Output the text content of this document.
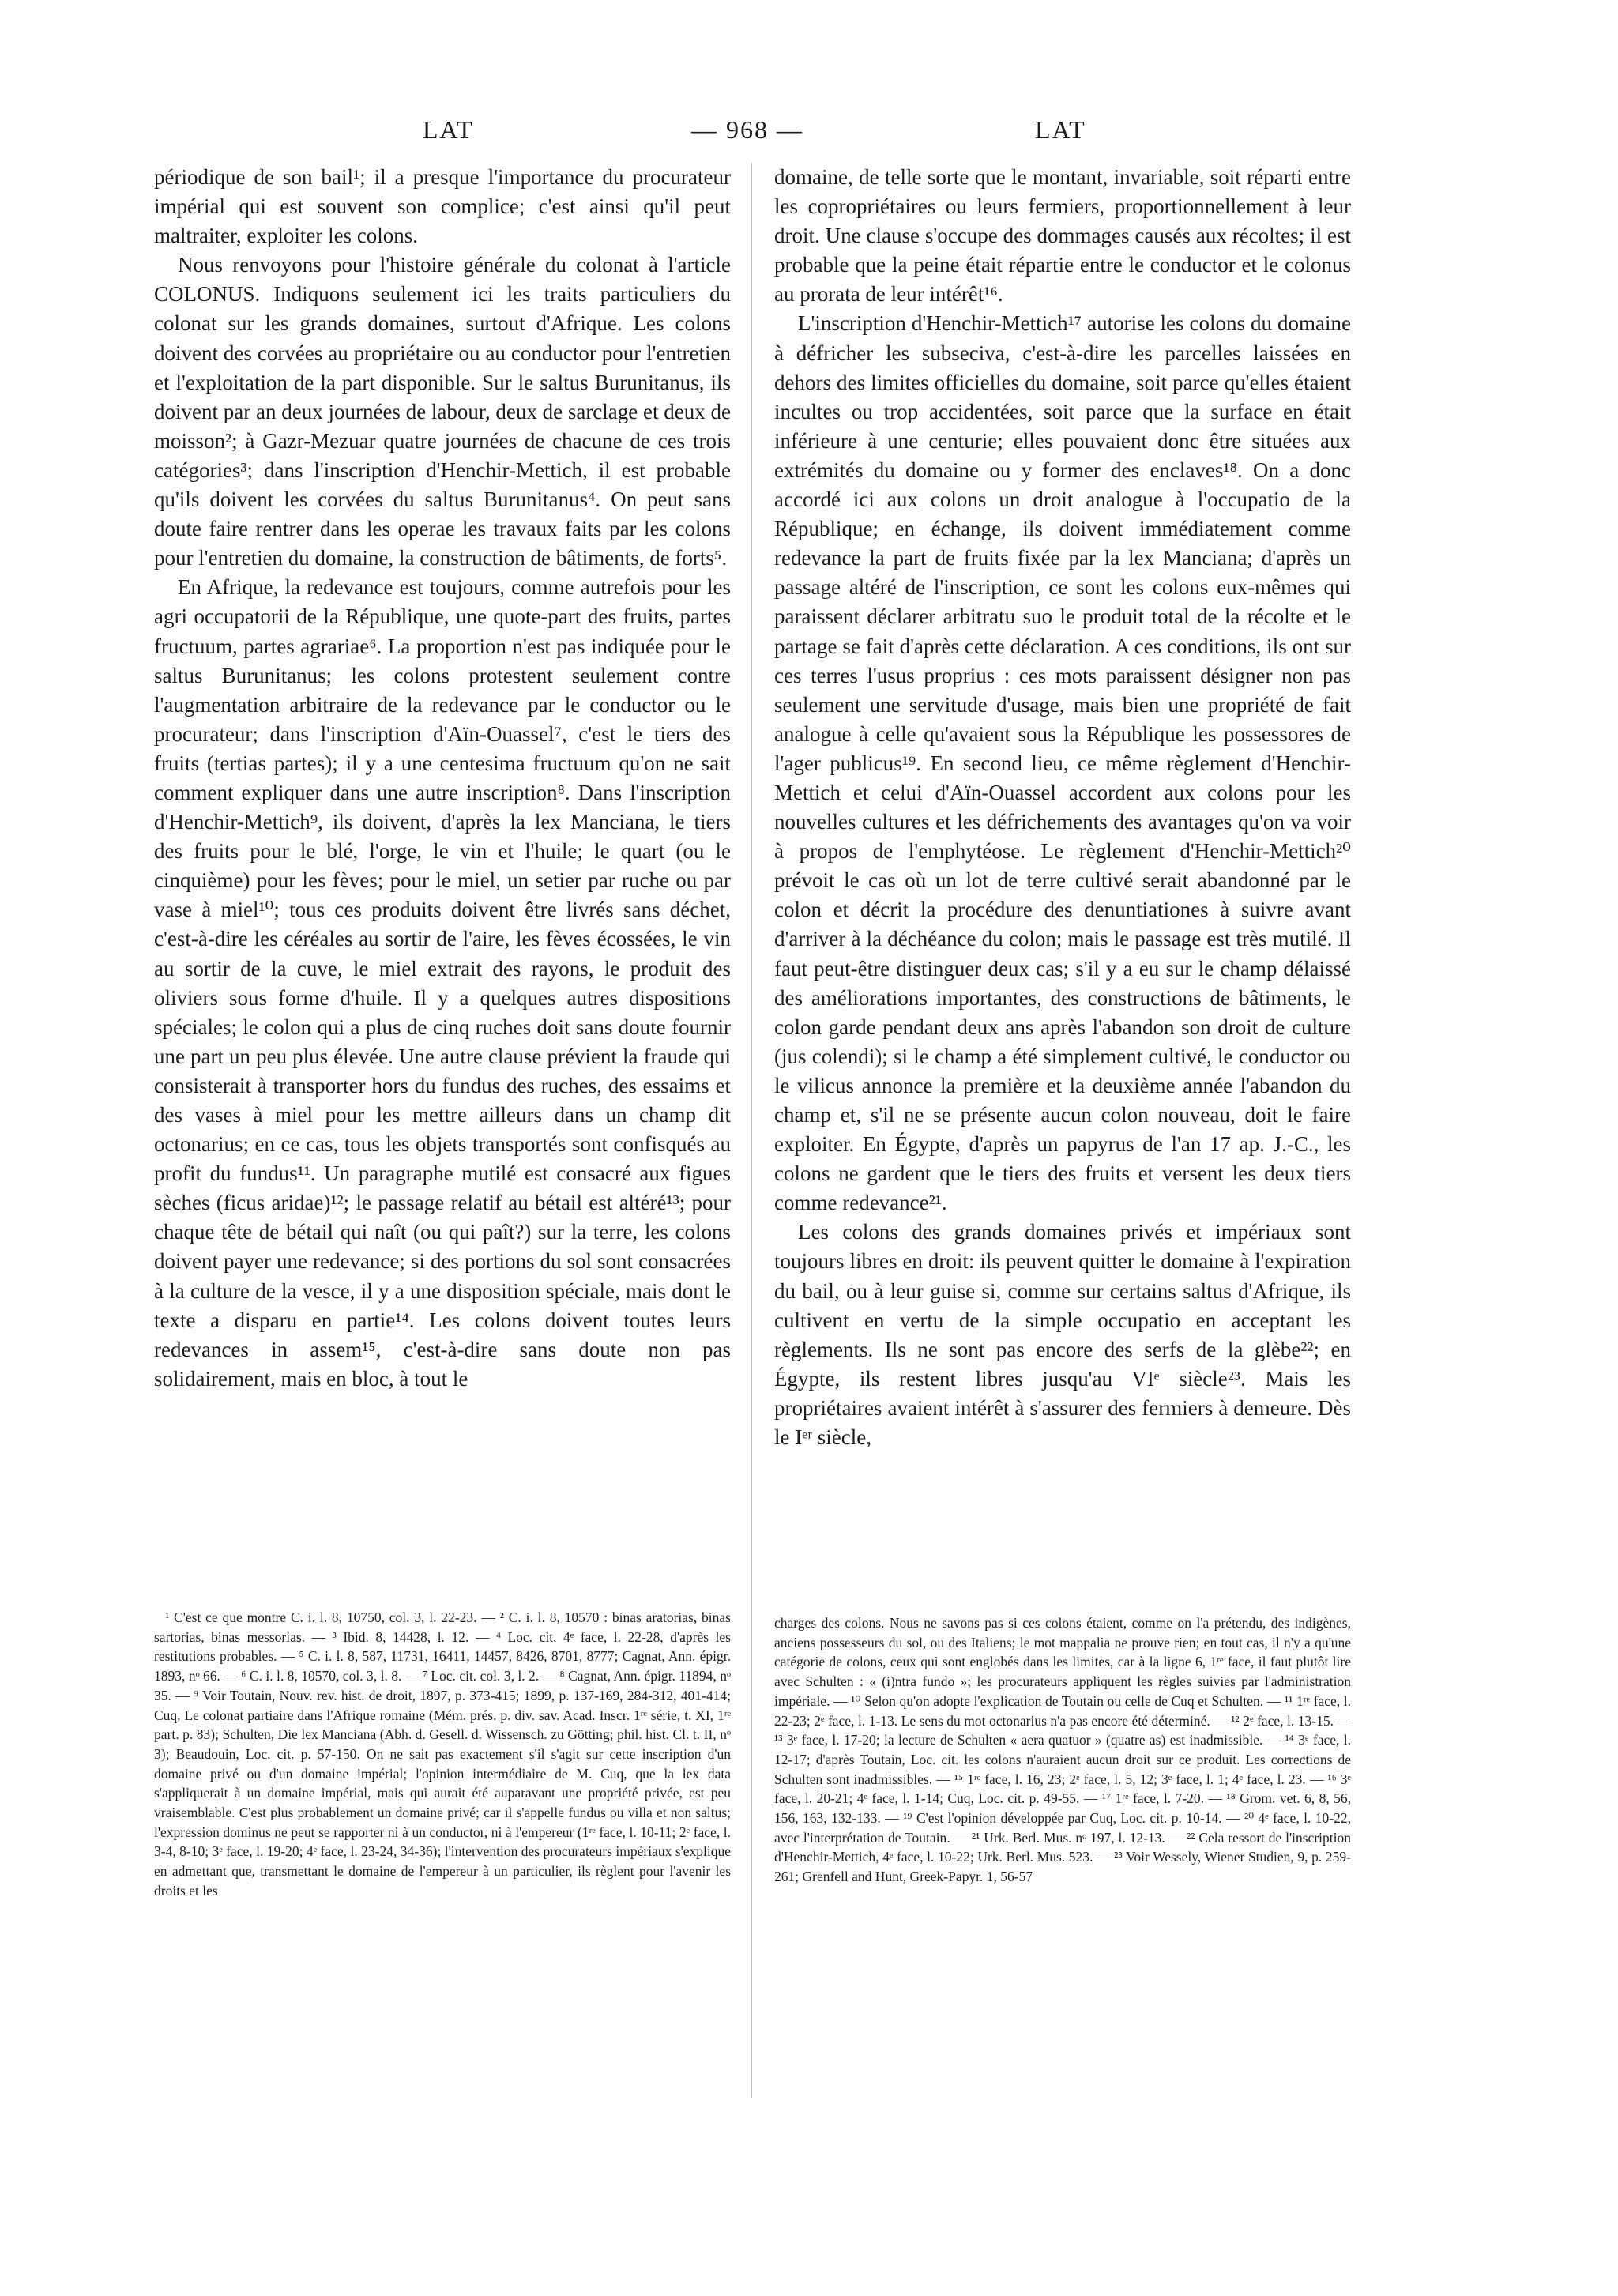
LAT	— 968 —	LAT

périodique de son bail¹; il a presque l'importance du procurateur impérial qui est souvent son complice; c'est ainsi qu'il peut maltraiter, exploiter les colons.

Nous renvoyons pour l'histoire générale du colonat à l'article COLONUS. Indiquons seulement ici les traits particuliers du colonat sur les grands domaines, surtout d'Afrique. Les colons doivent des corvées au propriétaire ou au conductor pour l'entretien et l'exploitation de la part disponible. Sur le saltus Burunitanus, ils doivent par an deux journées de labour, deux de sarclage et deux de moisson²; à Gazr-Mezuar quatre journées de chacune de ces trois catégories³; dans l'inscription d'Henchir-Mettich, il est probable qu'ils doivent les corvées du saltus Burunitanus⁴. On peut sans doute faire rentrer dans les operae les travaux faits par les colons pour l'entretien du domaine, la construction de bâtiments, de forts⁵.

En Afrique, la redevance est toujours, comme autrefois pour les agri occupatorii de la République, une quote-part des fruits, partes fructuum, partes agrariae⁶. La proportion n'est pas indiquée pour le saltus Burunitanus; les colons protestent seulement contre l'augmentation arbitraire de la redevance par le conductor ou le procurateur; dans l'inscription d'Aïn-Ouassel⁷, c'est le tiers des fruits (tertias partes); il y a une centesima fructuum qu'on ne sait comment expliquer dans une autre inscription⁸. Dans l'inscription d'Henchir-Mettich⁹, ils doivent, d'après la lex Manciana, le tiers des fruits pour le blé, l'orge, le vin et l'huile; le quart (ou le cinquième) pour les fèves; pour le miel, un setier par ruche ou par vase à miel¹⁰; tous ces produits doivent être livrés sans déchet, c'est-à-dire les céréales au sortir de l'aire, les fèves écossées, le vin au sortir de la cuve, le miel extrait des rayons, le produit des oliviers sous forme d'huile. Il y a quelques autres dispositions spéciales; le colon qui a plus de cinq ruches doit sans doute fournir une part un peu plus élevée. Une autre clause prévient la fraude qui consisterait à transporter hors du fundus des ruches, des essaims et des vases à miel pour les mettre ailleurs dans un champ dit octonarius; en ce cas, tous les objets transportés sont confisqués au profit du fundus¹¹. Un paragraphe mutilé est consacré aux figues sèches (ficus aridae)¹²; le passage relatif au bétail est altéré¹³; pour chaque tête de bétail qui naît (ou qui paît?) sur la terre, les colons doivent payer une redevance; si des portions du sol sont consacrées à la culture de la vesce, il y a une disposition spéciale, mais dont le texte a disparu en partie¹⁴. Les colons doivent toutes leurs redevances in assem¹⁵, c'est-à-dire sans doute non pas solidairement, mais en bloc, à tout le

domaine, de telle sorte que le montant, invariable, soit réparti entre les copropriétaires ou leurs fermiers, proportionnellement à leur droit. Une clause s'occupe des dommages causés aux récoltes; il est probable que la peine était répartie entre le conductor et le colonus au prorata de leur intérêt¹⁶.

L'inscription d'Henchir-Mettich¹⁷ autorise les colons du domaine à défricher les subseciva, c'est-à-dire les parcelles laissées en dehors des limites officielles du domaine, soit parce qu'elles étaient incultes ou trop accidentées, soit parce que la surface en était inférieure à une centurie; elles pouvaient donc être situées aux extrémités du domaine ou y former des enclaves¹⁸. On a donc accordé ici aux colons un droit analogue à l'occupatio de la République; en échange, ils doivent immédiatement comme redevance la part de fruits fixée par la lex Manciana; d'après un passage altéré de l'inscription, ce sont les colons eux-mêmes qui paraissent déclarer arbitratu suo le produit total de la récolte et le partage se fait d'après cette déclaration. A ces conditions, ils ont sur ces terres l'usus proprius : ces mots paraissent désigner non pas seulement une servitude d'usage, mais bien une propriété de fait analogue à celle qu'avaient sous la République les possessores de l'ager publicus¹⁹. En second lieu, ce même règlement d'Henchir-Mettich et celui d'Aïn-Ouassel accordent aux colons pour les nouvelles cultures et les défrichements des avantages qu'on va voir à propos de l'emphytéose. Le règlement d'Henchir-Mettich²⁰ prévoit le cas où un lot de terre cultivé serait abandonné par le colon et décrit la procédure des denuntiationes à suivre avant d'arriver à la déchéance du colon; mais le passage est très mutilé. Il faut peut-être distinguer deux cas; s'il y a eu sur le champ délaissé des améliorations importantes, des constructions de bâtiments, le colon garde pendant deux ans après l'abandon son droit de culture (jus colendi); si le champ a été simplement cultivé, le conductor ou le vilicus annonce la première et la deuxième année l'abandon du champ et, s'il ne se présente aucun colon nouveau, doit le faire exploiter. En Égypte, d'après un papyrus de l'an 17 ap. J.-C., les colons ne gardent que le tiers des fruits et versent les deux tiers comme redevance²¹.

Les colons des grands domaines privés et impériaux sont toujours libres en droit: ils peuvent quitter le domaine à l'expiration du bail, ou à leur guise si, comme sur certains saltus d'Afrique, ils cultivent en vertu de la simple occupatio en acceptant les règlements. Ils ne sont pas encore des serfs de la glèbe²²; en Égypte, ils restent libres jusqu'au VIᵉ siècle²³. Mais les propriétaires avaient intérêt à s'assurer des fermiers à demeure. Dès le Iᵉʳ siècle,

¹ C'est ce que montre C. i. l. 8, 10750, col. 3, l. 22-23. — ² C. i. l. 8, 10570 : binas aratorias, binas sartorias, binas messorias. — ³ Ibid. 8, 14428, l. 12. — ⁴ Loc. cit. 4ᵉ face, l. 22-28, d'après les restitutions probables. — ⁵ C. i. l. 8, 587, 11731, 16411, 14457, 8426, 8701, 8777; Cagnat, Ann. épigr. 1893, nᵒ 66. — ⁶ C. i. l. 8, 10570, col. 3, l. 8. — ⁷ Loc. cit. col. 3, l. 2. — ⁸ Cagnat, Ann. épigr. 11894, nᵒ 35. — ⁹ Voir Toutain, Nouv. rev. hist. de droit, 1897, p. 373-415; 1899, p. 137-169, 284-312, 401-414; Cuq, Le colonat partiaire dans l'Afrique romaine (Mém. prés. p. div. sav. Acad. Inscr. 1ʳᵉ série, t. XI, 1ʳᵉ part. p. 83); Schulten, Die lex Manciana (Abh. d. Gesell. d. Wissensch. zu Götting; phil. hist. Cl. t. II, nᵒ 3); Beaudouin, Loc. cit. p. 57-150. On ne sait pas exactement s'il s'agit sur cette inscription d'un domaine privé ou d'un domaine impérial; l'opinion intermédiaire de M. Cuq, que la lex data s'appliquerait à un domaine impérial, mais qui aurait été auparavant une propriété privée, est peu vraisemblable. C'est plus probablement un domaine privé; car il s'appelle fundus ou villa et non saltus; l'expression dominus ne peut se rapporter ni à un conductor, ni à l'empereur (1ʳᵉ face, l. 10-11; 2ᵉ face, l. 3-4, 8-10; 3ᵉ face, l. 19-20; 4ᵉ face, l. 23-24, 34-36); l'intervention des procurateurs impériaux s'explique en admettant que, transmettant le domaine de l'empereur à un particulier, ils règlent pour l'avenir les droits et les

charges des colons. Nous ne savons pas si ces colons étaient, comme on l'a prétendu, des indigènes, anciens possesseurs du sol, ou des Italiens; le mot mappalia ne prouve rien; en tout cas, il n'y a qu'une catégorie de colons, ceux qui sont englobés dans les limites, car à la ligne 6, 1ʳᵉ face, il faut plutôt lire avec Schulten : « (i)ntra fundo »; les procurateurs appliquent les règles suivies par l'administration impériale. — ¹⁰ Selon qu'on adopte l'explication de Toutain ou celle de Cuq et Schulten. — ¹¹ 1ʳᵉ face, l. 22-23; 2ᵉ face, l. 1-13. Le sens du mot octonarius n'a pas encore été déterminé. — ¹² 2ᵉ face, l. 13-15. — ¹³ 3ᵉ face, l. 17-20; la lecture de Schulten « aera quatuor » (quatre as) est inadmissible. — ¹⁴ 3ᵉ face, l. 12-17; d'après Toutain, Loc. cit. les colons n'auraient aucun droit sur ce produit. Les corrections de Schulten sont inadmissibles. — ¹⁵ 1ʳᵉ face, l. 16, 23; 2ᵉ face, l. 5, 12; 3ᵉ face, l. 1; 4ᵉ face, l. 23. — ¹⁶ 3ᵉ face, l. 20-21; 4ᵉ face, l. 1-14; Cuq, Loc. cit. p. 49-55. — ¹⁷ 1ʳᵉ face, l. 7-20. — ¹⁸ Grom. vet. 6, 8, 56, 156, 163, 132-133. — ¹⁹ C'est l'opinion développée par Cuq, Loc. cit. p. 10-14. — ²⁰ 4ᵉ face, l. 10-22, avec l'interprétation de Toutain. — ²¹ Urk. Berl. Mus. nᵒ 197, l. 12-13. — ²² Cela ressort de l'inscription d'Henchir-Mettich, 4ᵉ face, l. 10-22; Urk. Berl. Mus. 523. — ²³ Voir Wessely, Wiener Studien, 9, p. 259-261; Grenfell and Hunt, Greek-Papyr. 1, 56-57
